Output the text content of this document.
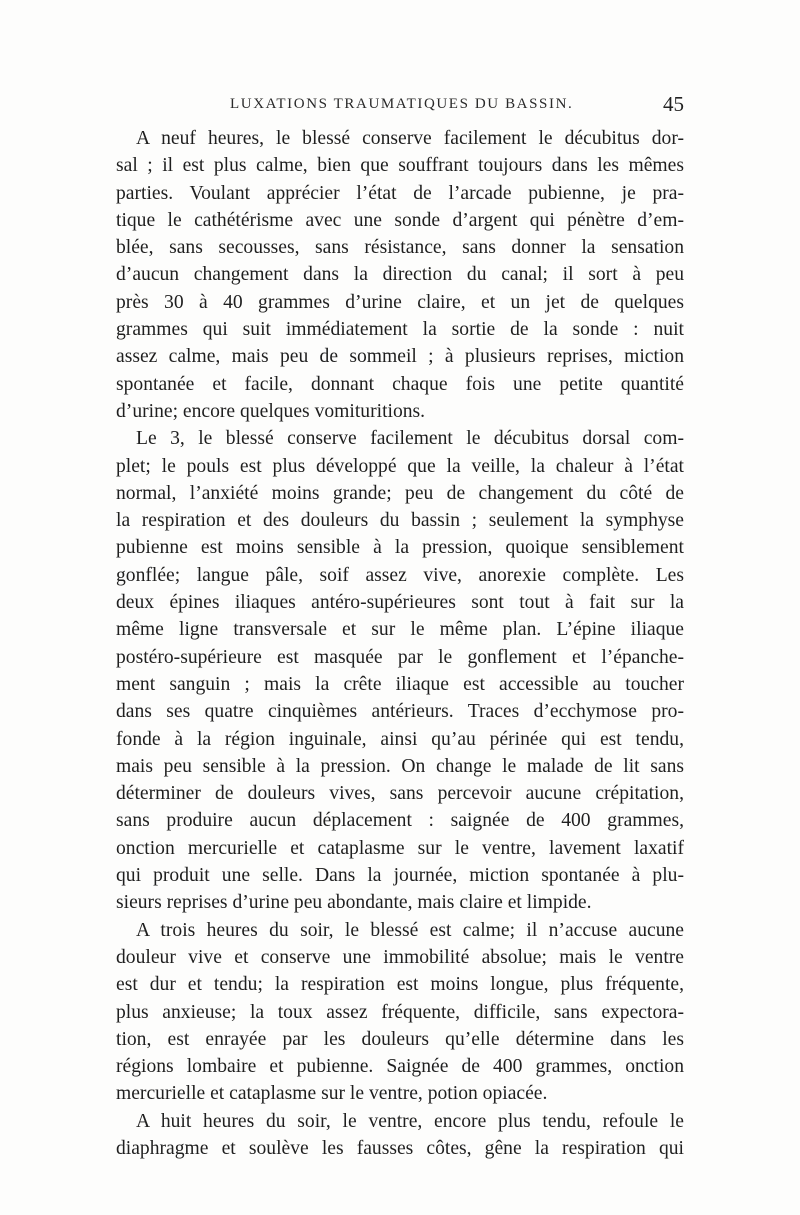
LUXATIONS TRAUMATIQUES DU BASSIN.	45
A neuf heures, le blessé conserve facilement le décubitus dor-
sal ; il est plus calme, bien que souffrant toujours dans les mêmes
parties. Voulant apprécier l’état de l’arcade pubienne, je pra-
tique le cathétérisme avec une sonde d’argent qui pénètre d’em-
blée, sans secousses, sans résistance, sans donner la sensation
d’aucun changement dans la direction du canal; il sort à peu
près 30 à 40 grammes d’urine claire, et un jet de quelques
grammes qui suit immédiatement la sortie de la sonde : nuit
assez calme, mais peu de sommeil ; à plusieurs reprises, miction
spontanée et facile, donnant chaque fois une petite quantité
d’urine; encore quelques vomituritions.
Le 3, le blessé conserve facilement le décubitus dorsal com-
plet; le pouls est plus développé que la veille, la chaleur à l’état
normal, l’anxiété moins grande; peu de changement du côté de
la respiration et des douleurs du bassin ; seulement la symphyse
pubienne est moins sensible à la pression, quoique sensiblement
gonflée; langue pâle, soif assez vive, anorexie complète. Les
deux épines iliaques antéro-supérieures sont tout à fait sur la
même ligne transversale et sur le même plan. L’épine iliaque
postéro-supérieure est masquée par le gonflement et l’épanche-
ment sanguin ; mais la crête iliaque est accessible au toucher
dans ses quatre cinquièmes antérieurs. Traces d’ecchymose pro-
fonde à la région inguinale, ainsi qu’au périnée qui est tendu,
mais peu sensible à la pression. On change le malade de lit sans
déterminer de douleurs vives, sans percevoir aucune crépitation,
sans produire aucun déplacement : saignée de 400 grammes,
onction mercurielle et cataplasme sur le ventre, lavement laxatif
qui produit une selle. Dans la journée, miction spontanée à plu-
sieurs reprises d’urine peu abondante, mais claire et limpide.
A trois heures du soir, le blessé est calme; il n’accuse aucune
douleur vive et conserve une immobilité absolue; mais le ventre
est dur et tendu; la respiration est moins longue, plus fréquente,
plus anxieuse; la toux assez fréquente, difficile, sans expectora-
tion, est enrayée par les douleurs qu’elle détermine dans les
régions lombaire et pubienne. Saignée de 400 grammes, onction
mercurielle et cataplasme sur le ventre, potion opiacée.
A huit heures du soir, le ventre, encore plus tendu, refoule le
diaphragme et soulève les fausses côtes, gêne la respiration qui
